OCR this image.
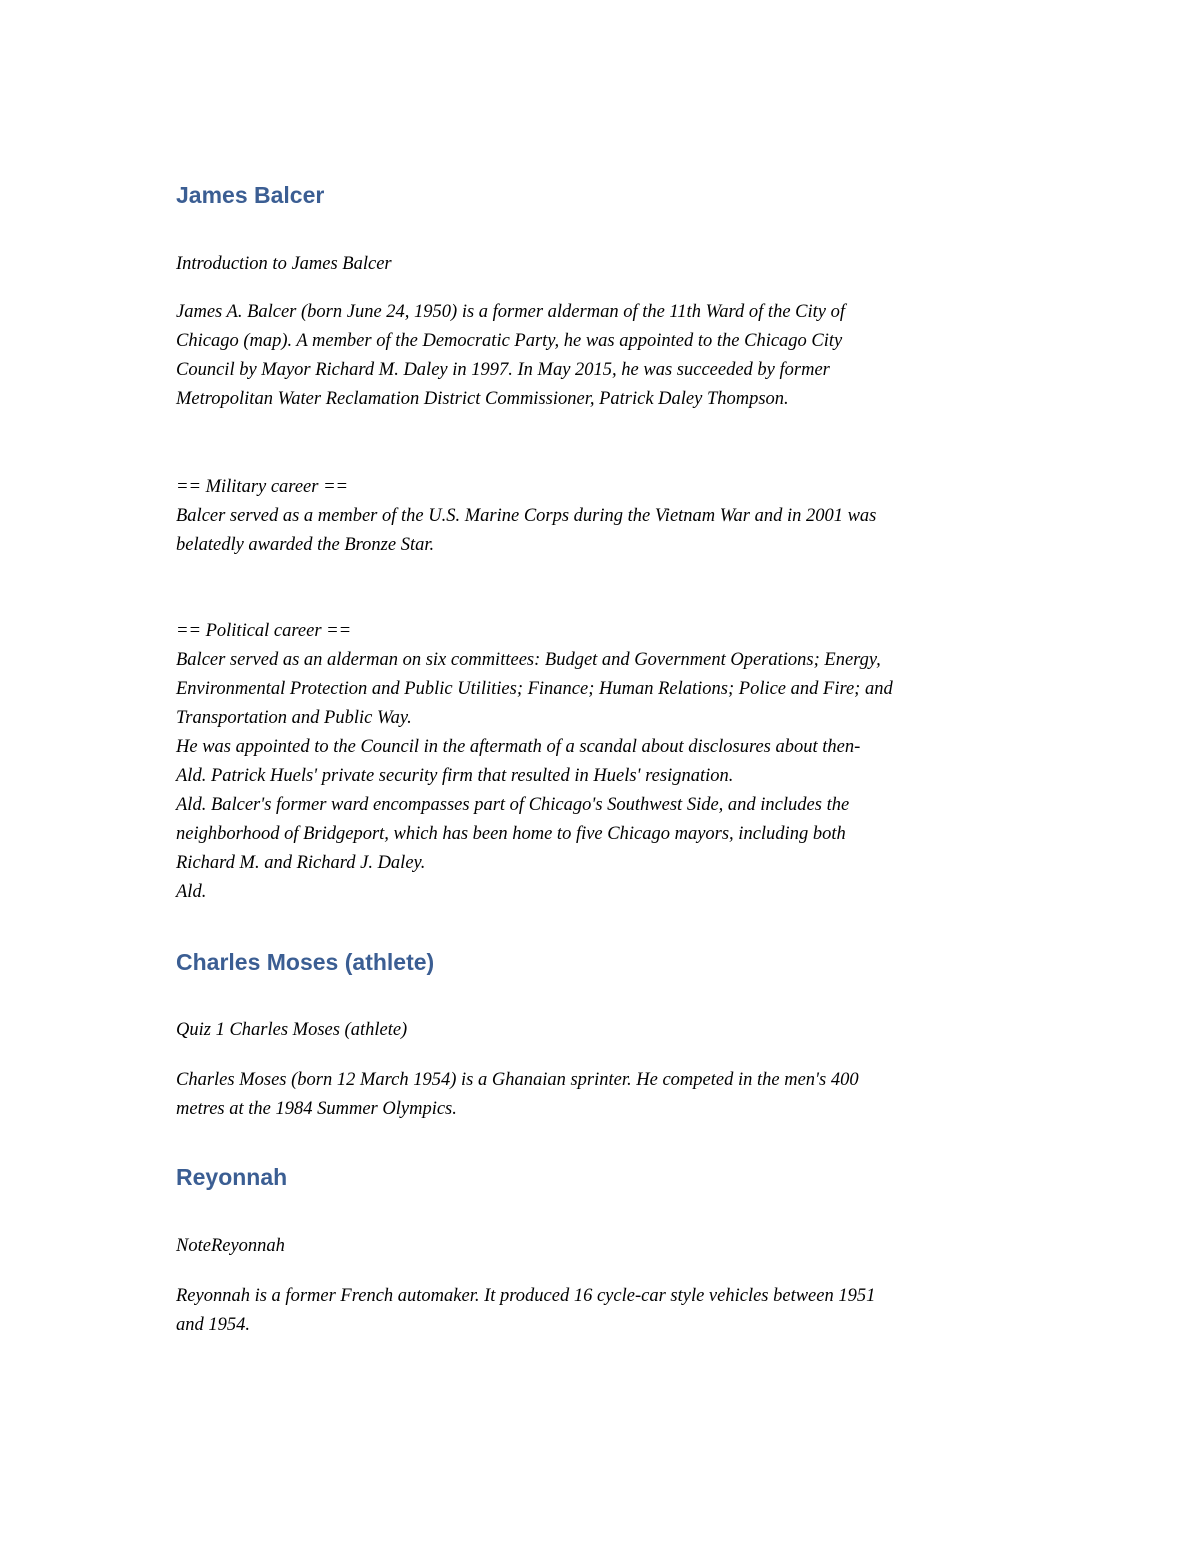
James Balcer

Introduction to James Balcer

James A. Balcer (born June 24, 1950) is a former alderman of the 11th Ward of the City of
Chicago (map). A member of the Democratic Party, he was appointed to the Chicago City
Council by Mayor Richard M. Daley in 1997. In May 2015, he was succeeded by former
Metropolitan Water Reclamation District Commissioner, Patrick Daley Thompson.

== Military career ==
Balcer served as a member of the U.S. Marine Corps during the Vietnam War and in 2001 was
belatedly awarded the Bronze Star.

== Political career ==
Balcer served as an alderman on six committees: Budget and Government Operations; Energy,
Environmental Protection and Public Utilities; Finance; Human Relations; Police and Fire; and
Transportation and Public Way.
He was appointed to the Council in the aftermath of a scandal about disclosures about then-
Ald. Patrick Huels' private security firm that resulted in Huels' resignation.
Ald. Balcer's former ward encompasses part of Chicago's Southwest Side, and includes the
neighborhood of Bridgeport, which has been home to five Chicago mayors, including both
Richard M. and Richard J. Daley.
Ald.

Charles Moses (athlete)

Quiz 1 Charles Moses (athlete)

Charles Moses (born 12 March 1954) is a Ghanaian sprinter. He competed in the men's 400
metres at the 1984 Summer Olympics.

Reyonnah

NoteReyonnah

Reyonnah is a former French automaker. It produced 16 cycle-car style vehicles between 1951
and 1954.
